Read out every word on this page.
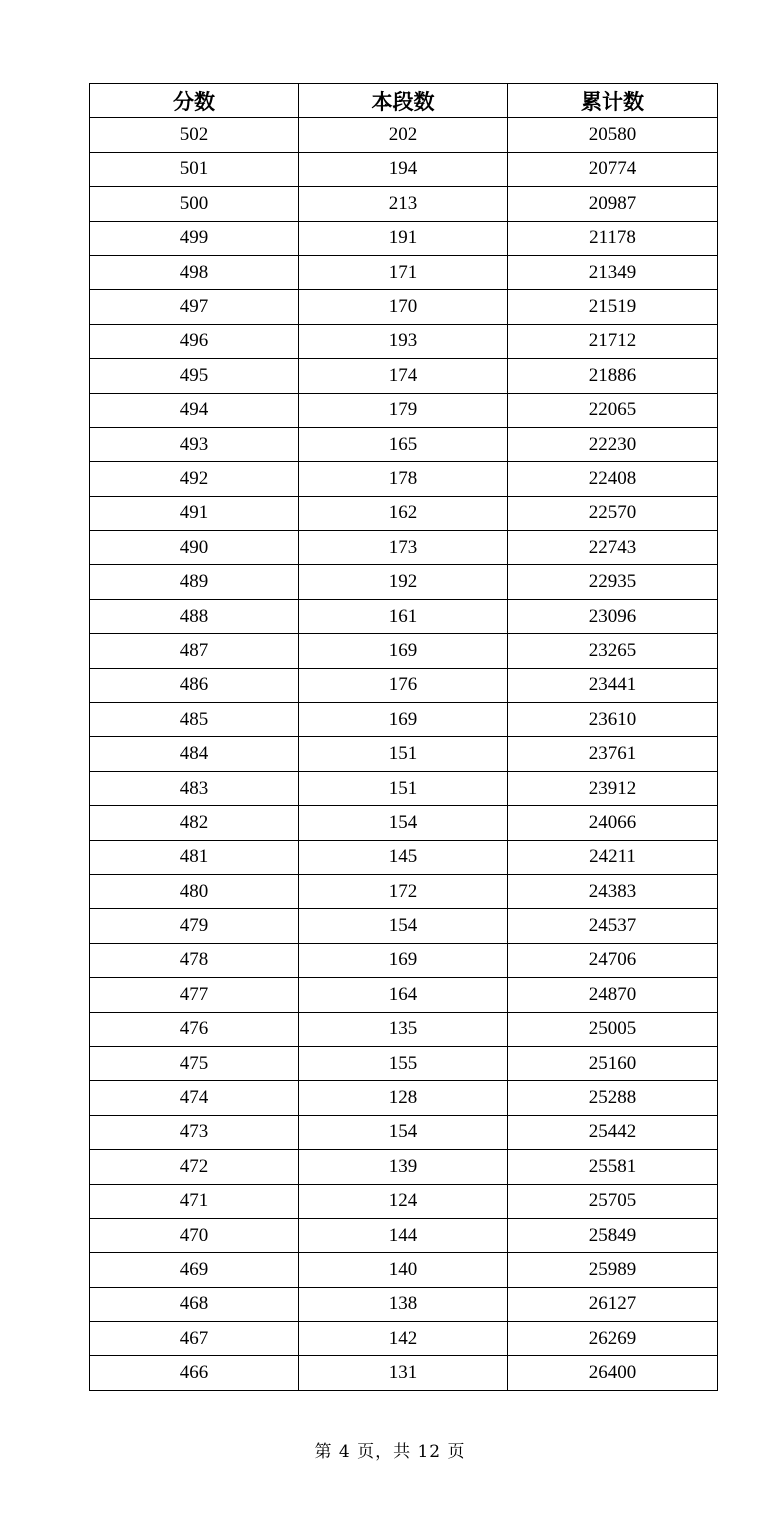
分数	本段数	累计数
502	202	20580
501	194	20774
500	213	20987
499	191	21178
498	171	21349
497	170	21519
496	193	21712
495	174	21886
494	179	22065
493	165	22230
492	178	22408
491	162	22570
490	173	22743
489	192	22935
488	161	23096
487	169	23265
486	176	23441
485	169	23610
484	151	23761
483	151	23912
482	154	24066
481	145	24211
480	172	24383
479	154	24537
478	169	24706
477	164	24870
476	135	25005
475	155	25160
474	128	25288
473	154	25442
472	139	25581
471	124	25705
470	144	25849
469	140	25989
468	138	26127
467	142	26269
466	131	26400
第 4 页，共 12 页
